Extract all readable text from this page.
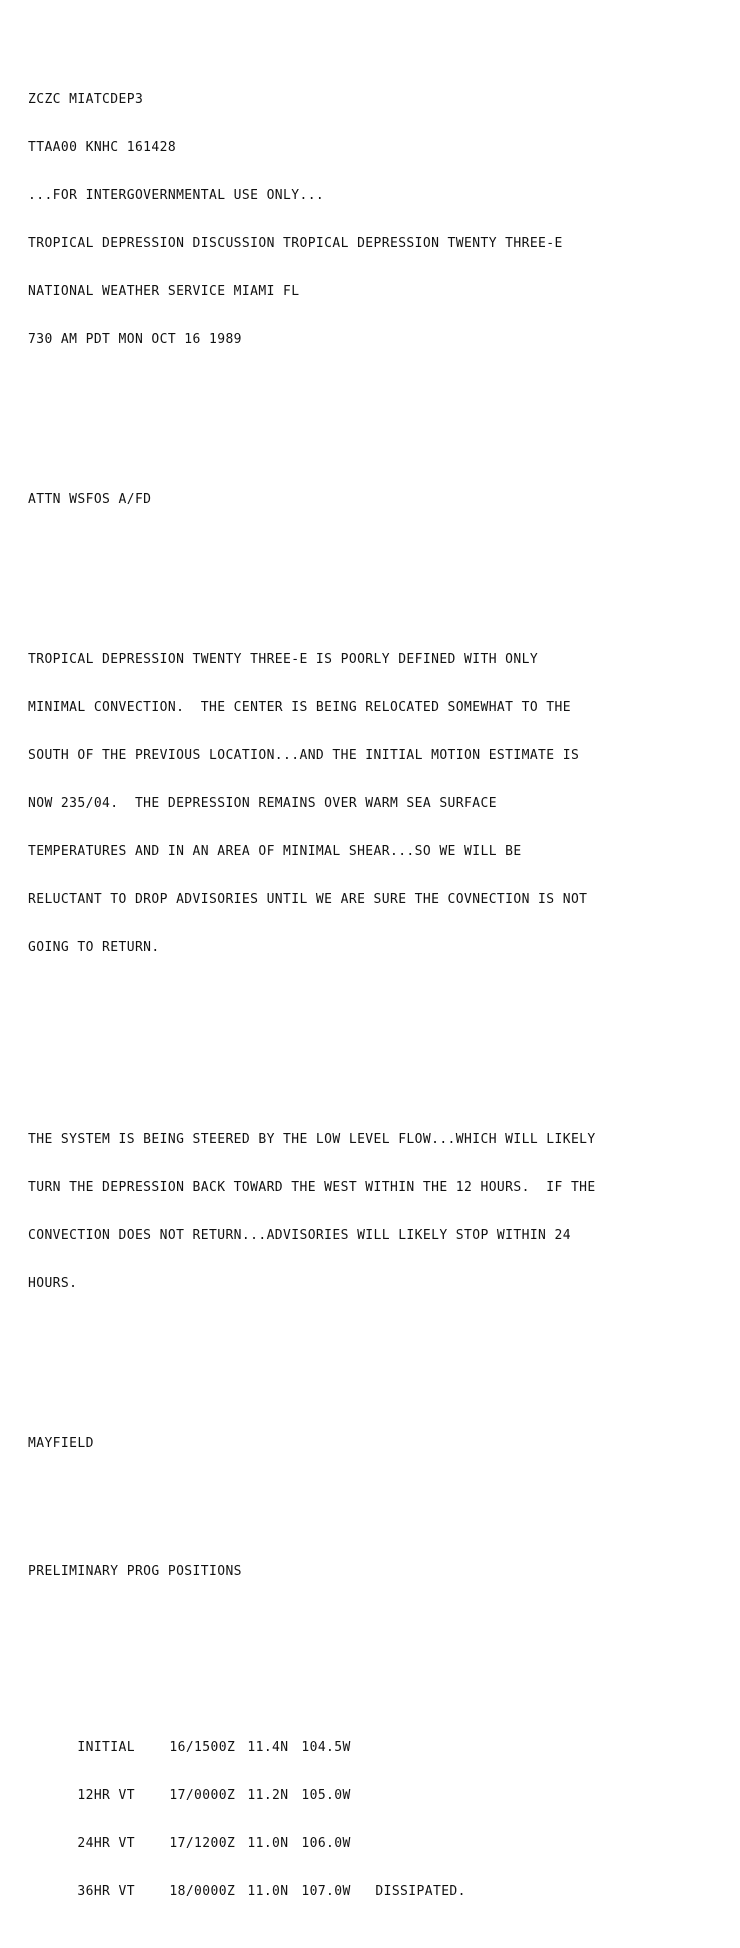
ZCZC MIATCDEP3

TTAA00 KNHC 161428

...FOR INTERGOVERNMENTAL USE ONLY...

TROPICAL DEPRESSION DISCUSSION TROPICAL DEPRESSION TWENTY THREE-E

NATIONAL WEATHER SERVICE MIAMI FL

730 AM PDT MON OCT 16 1989

ATTN WSFOS A/FD

TROPICAL DEPRESSION TWENTY THREE-E IS POORLY DEFINED WITH ONLY

MINIMAL CONVECTION.  THE CENTER IS BEING RELOCATED SOMEWHAT TO THE

SOUTH OF THE PREVIOUS LOCATION...AND THE INITIAL MOTION ESTIMATE IS

NOW 235/04.  THE DEPRESSION REMAINS OVER WARM SEA SURFACE

TEMPERATURES AND IN AN AREA OF MINIMAL SHEAR...SO WE WILL BE

RELUCTANT TO DROP ADVISORIES UNTIL WE ARE SURE THE COVNECTION IS NOT

GOING TO RETURN.

THE SYSTEM IS BEING STEERED BY THE LOW LEVEL FLOW...WHICH WILL LIKELY

TURN THE DEPRESSION BACK TOWARD THE WEST WITHIN THE 12 HOURS.  IF THE

CONVECTION DOES NOT RETURN...ADVISORIES WILL LIKELY STOP WITHIN 24

HOURS.

MAYFIELD

PRELIMINARY PROG POSITIONS

INITIAL	16/1500Z 11.4N 104.5W

12HR VT	17/0000Z 11.2N 105.0W

24HR VT	17/1200Z 11.0N 106.0W

36HR VT	18/0000Z 11.0N 107.0W DISSIPATED.
